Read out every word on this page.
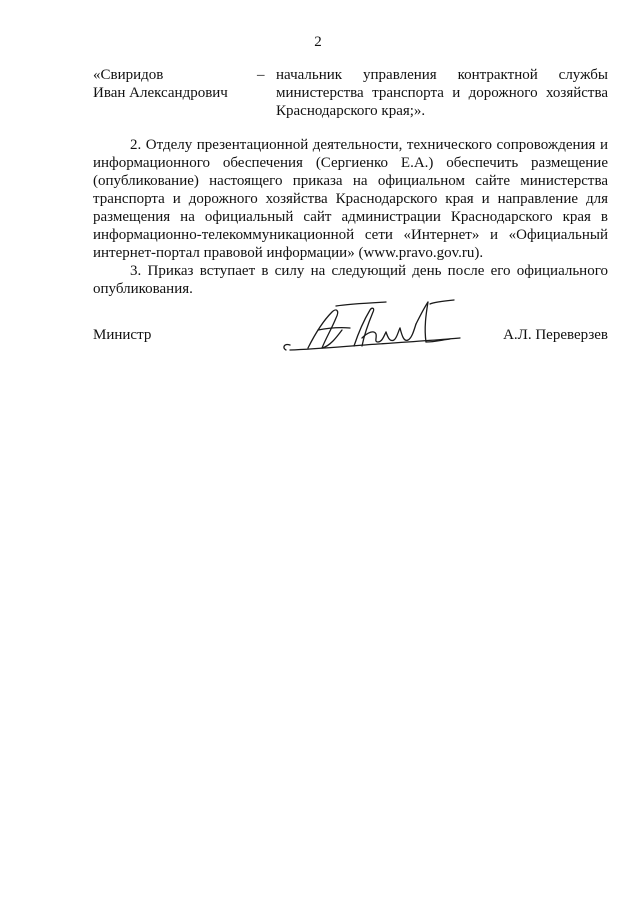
2
«Свиридов
Иван Александрович
– начальник управления контрактной службы министерства транспорта и дорожного хозяйства Краснодарского края;».

2. Отделу презентационной деятельности, технического сопровождения и информационного обеспечения (Сергиенко Е.А.) обеспечить размещение (опубликование) настоящего приказа на официальном сайте министерства транспорта и дорожного хозяйства Краснодарского края и направление для размещения на официальный сайт администрации Краснодарского края в информационно-телекоммуникационной сети «Интернет» и «Официальный интернет-портал правовой информации» (www.pravo.gov.ru).

3. Приказ вступает в силу на следующий день после его официального опубликования.

Министр	А.Л. Переверзев
